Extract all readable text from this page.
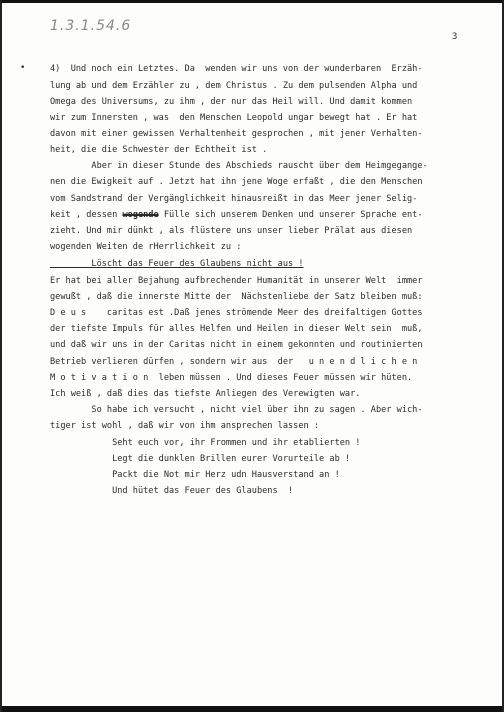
1.3.1.54.6
3
•	4)  Und noch ein Letztes. Da  wenden wir uns von der wunderbaren  Erzäh-
lung ab und dem Erzähler zu , dem Christus . Zu dem pulsenden Alpha und
Omega des Universums, zu ihm , der nur das Heil will. Und damit kommen
wir zum Innersten , was  den Menschen Leopold ungar bewegt hat . Er hat
davon mit einer gewissen Verhaltenheit gesprochen , mit jener Verhalten-
heit, die die Schwester der Echtheit ist .
Aber in dieser Stunde des Abschieds rauscht über dem Heimgegange-
nen die Ewigkeit auf . Jetzt hat ihn jene Woge erfaßt , die den Menschen
vom Sandstrand der Vergänglichkeit hinausreißt in das Meer jener Selig-
keit , dessen wogende Fülle sich unserem Denken und unserer Sprache ent-
zieht. Und mir dünkt , als flüstere uns unser lieber Prälat aus diesen
wogenden Weiten de rHerrlichkeit zu :
Löscht das Feuer des Glaubens nicht aus !
Er hat bei aller Bejahung aufbrechender Humanität in unserer Welt  immer
gewußt , daß die innerste Mitte der  Nächstenliebe der Satz bleiben muß:
D e u s    caritas est .Daß jenes strömende Meer des dreifaltigen Gottes
der tiefste Impuls für alles Helfen und Heilen in dieser Welt sein  muß,
und daß wir uns in der Caritas nicht in einem gekonnten und routinierten
Betrieb verlieren dürfen , sondern wir aus  der   u n e n d l i c h e n
M o t i v a t i o n  leben müssen . Und dieses Feuer müssen wir hüten.
Ich weiß , daß dies das tiefste Anliegen des Verewigten war.
So habe ich versucht , nicht viel über ihn zu sagen . Aber wich-
tiger ist wohl , daß wir von ihm ansprechen lassen :
Seht euch vor, ihr Frommen und ihr etablierten !
Legt die dunklen Brillen eurer Vorurteile ab !
Packt die Not mir Herz udn Hausverstand an !
Und hütet das Feuer des Glaubens  !
